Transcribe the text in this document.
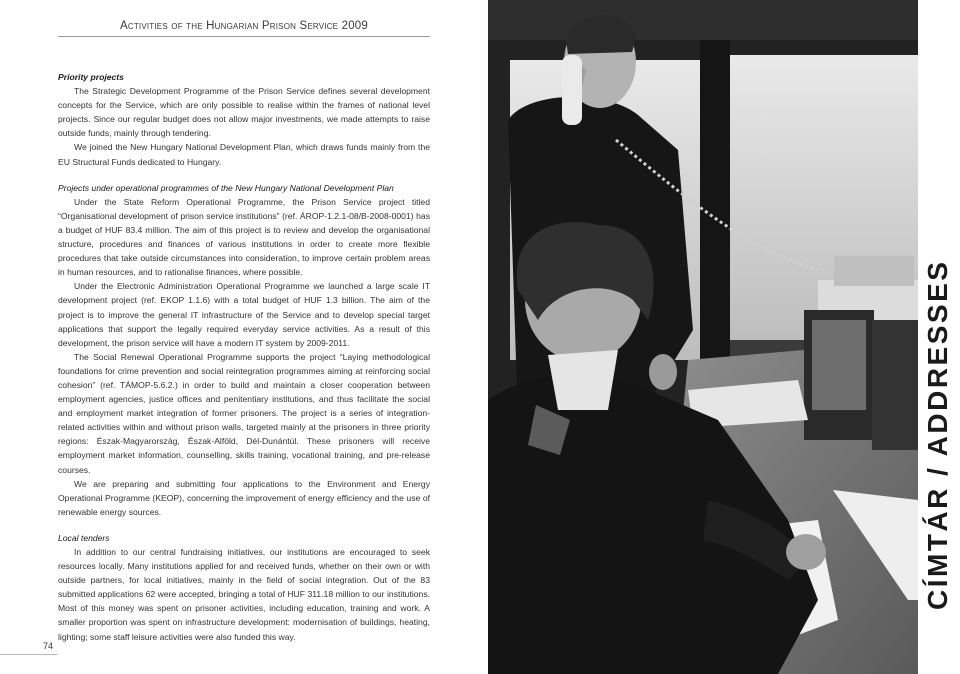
Activities of the Hungarian Prison Service 2009
Priority projects

The Strategic Development Programme of the Prison Service defines several development concepts for the Service, which are only possible to realise within the frames of national level projects. Since our regular budget does not allow major investments, we made attempts to raise outside funds, mainly through tendering.

We joined the New Hungary National Development Plan, which draws funds mainly from the EU Structural Funds dedicated to Hungary.

Projects under operational programmes of the New Hungary National Development Plan

Under the State Reform Operational Programme, the Prison Service project titled “Organisational development of prison service institutions” (ref. ÁROP-1.2.1-08/B-2008-0001) has a budget of HUF 83.4 million. The aim of this project is to review and develop the organisational structure, procedures and finances of various institutions in order to create more flexible procedures that take outside circumstances into consideration, to improve certain problem areas in human resources, and to rationalise finances, where possible.

Under the Electronic Administration Operational Programme we launched a large scale IT development project (ref. EKOP 1.1.6) with a total budget of HUF 1.3 billion. The aim of the project is to improve the general IT infrastructure of the Service and to develop special target applications that support the legally required everyday service activities. As a result of this development, the prison service will have a modern IT system by 2009-2011.

The Social Renewal Operational Programme supports the project “Laying methodological foundations for crime prevention and social reintegration programmes aiming at reinforcing social cohesion” (ref. TÁMOP-5.6.2.) in order to build and maintain a closer cooperation between employment agencies, justice offices and penitentiary institutions, and thus facilitate the social and employment market integration of former prisoners. The project is a series of integration-related activities within and without prison walls, targeted mainly at the prisoners in three priority regions: Észak-Magyarország, Észak-Alföld, Dél-Dunántúl. These prisoners will receive employment market information, counselling, skills training, vocational training, and pre-release courses.

We are preparing and submitting four applications to the Environment and Energy Operational Programme (KEOP), concerning the improvement of energy efficiency and the use of renewable energy sources.

Local tenders

In addition to our central fundraising initiatives, our institutions are encouraged to seek resources locally. Many institutions applied for and received funds, whether on their own or with outside partners, for local initiatives, mainly in the field of social integration. Out of the 83 submitted applications 62 were accepted, bringing a total of HUF 311.18 million to our institutions. Most of this money was spent on prisoner activities, including education, training and work. A smaller proportion was spent on infrastructure development: modernisation of buildings, heating, lighting; some staff leisure activities were also funded this way.

74
CÍMTÁR / ADDRESSES
